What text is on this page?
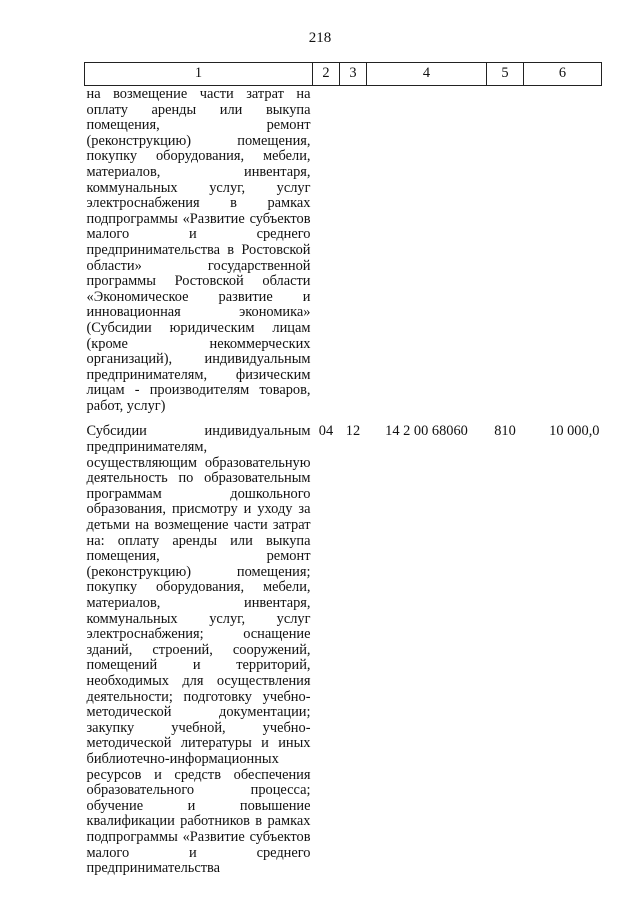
218
1	2	3	4	5	6
на возмещение части затрат на оплату аренды или выкупа помещения, ремонт (реконструкцию) помещения, покупку оборудования, мебели, материалов, инвентаря, коммунальных услуг, услуг электроснабжения в рамках подпрограммы «Развитие субъектов малого и среднего предпринимательства в Ростовской области» государственной программы Ростовской области «Экономическое развитие и инновационная экономика» (Субсидии юридическим лицам (кроме некоммерческих организаций), индивидуальным предпринимателям, физическим лицам - производителям товаров, работ, услуг)					
Субсидии индивидуальным предпринимателям, осуществляющим образовательную деятельность по образовательным программам дошкольного образования, присмотру и уходу за детьми на возмещение части затрат на: оплату аренды или выкупа помещения, ремонт (реконструкцию) помещения; покупку оборудования, мебели, материалов, инвентаря, коммунальных услуг, услуг электроснабжения; оснащение зданий, строений, сооружений, помещений и территорий, необходимых для осуществления деятельности; подготовку учебно-методической документации; закупку учебной, учебно-методической литературы и иных библиотечно-информационных ресурсов и средств обеспечения образовательного процесса; обучение и повышение квалификации работников в рамках подпрограммы «Развитие субъектов малого и среднего предпринимательства	04	12	14 2 00 68060	810	10 000,0
